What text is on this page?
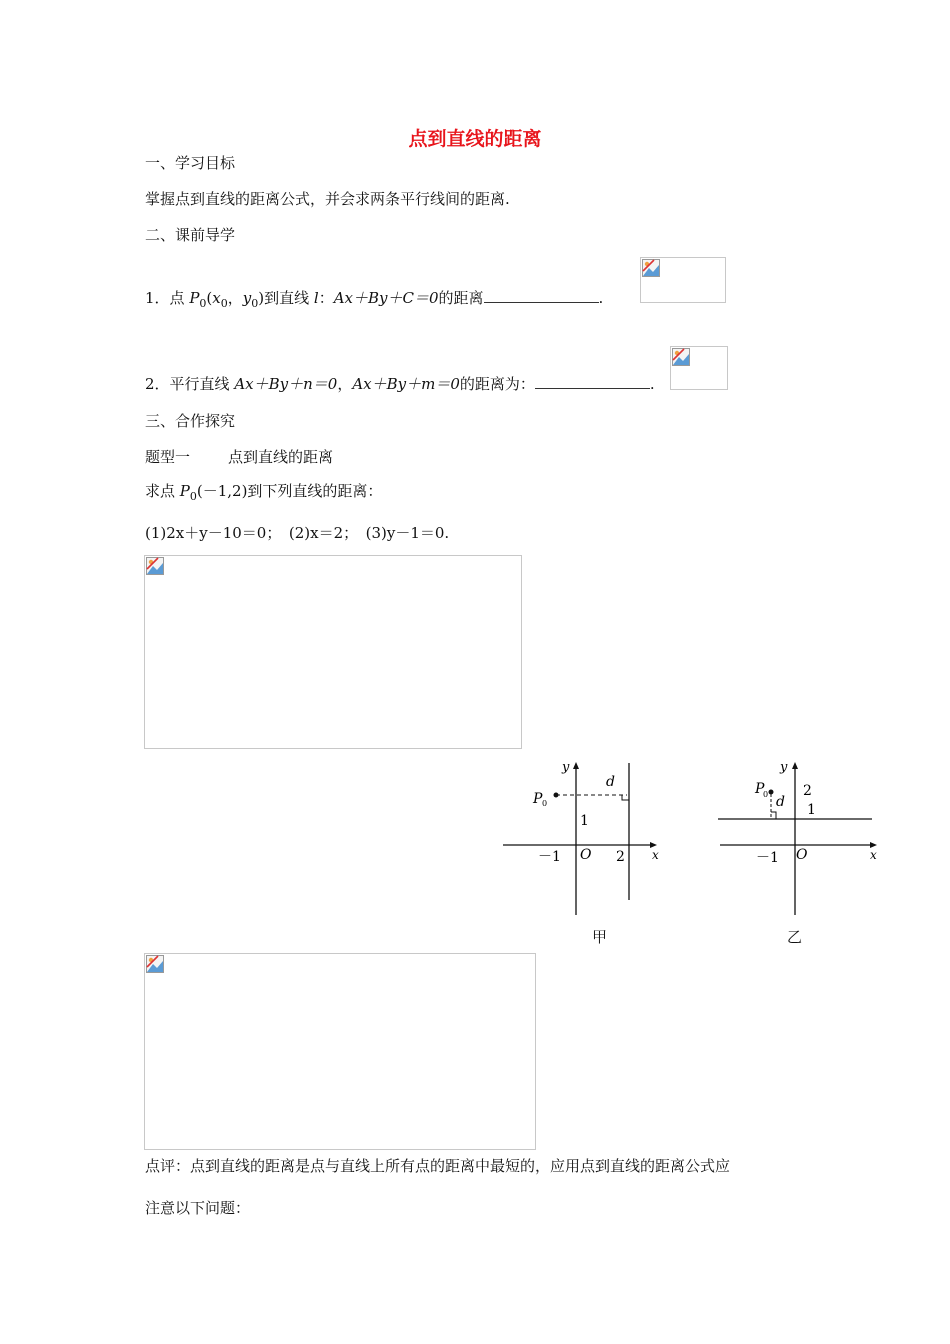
点到直线的距离
一、学习目标
掌握点到直线的距离公式，并会求两条平行线间的距离.
二、课前导学
1．点 $P_0(x_0$，$y_0$)到直线 l：Ax＋By＋C＝0的距离	.
2．平行直线 Ax＋By＋n＝0，Ax＋By＋m＝0的距离为：	.
三、合作探究
题型一	点到直线的距离
求点 $P_0(-1,2)$到下列直线的距离：
(1)2x＋y－10＝0；　(2)x＝2；　(3)y－1＝0.
y
x
O
P 0
d
1
－1	2
甲
y
x
O
P
0 d
2
1
－1
乙
点评：点到直线的距离是点与直线上所有点的距离中最短的，应用点到直线的距离公式应
注意以下问题：
